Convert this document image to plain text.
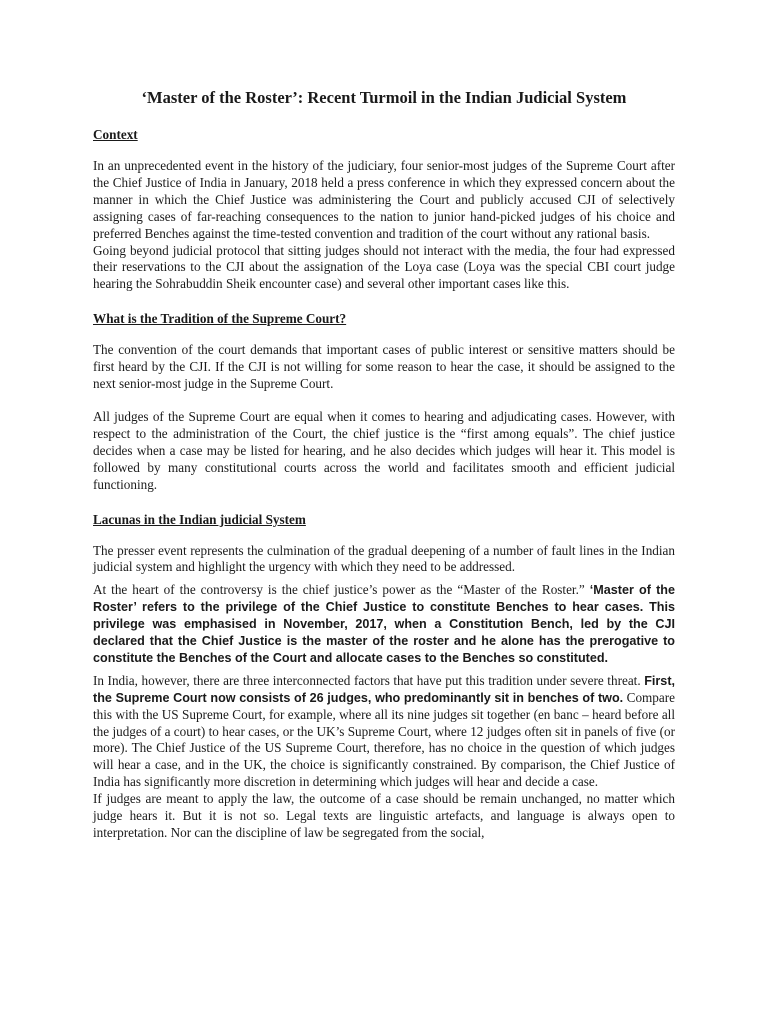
‘Master of the Roster’: Recent Turmoil in the Indian Judicial System
Context

In an unprecedented event in the history of the judiciary, four senior-most judges of the Supreme Court after the Chief Justice of India in January, 2018 held a press conference in which they expressed concern about the manner in which the Chief Justice was administering the Court and publicly accused CJI of selectively assigning cases of far-reaching consequences to the nation to junior hand-picked judges of his choice and preferred Benches against the time-tested convention and tradition of the court without any rational basis.

Going beyond judicial protocol that sitting judges should not interact with the media, the four had expressed their reservations to the CJI about the assignation of the Loya case (Loya was the special CBI court judge hearing the Sohrabuddin Sheik encounter case) and several other important cases like this.

What is the Tradition of the Supreme Court?

The convention of the court demands that important cases of public interest or sensitive matters should be first heard by the CJI. If the CJI is not willing for some reason to hear the case, it should be assigned to the next senior-most judge in the Supreme Court.

All judges of the Supreme Court are equal when it comes to hearing and adjudicating cases. However, with respect to the administration of the Court, the chief justice is the “first among equals”. The chief justice decides when a case may be listed for hearing, and he also decides which judges will hear it. This model is followed by many constitutional courts across the world and facilitates smooth and efficient judicial functioning.

Lacunas in the Indian judicial System

The presser event represents the culmination of the gradual deepening of a number of fault lines in the Indian judicial system and highlight the urgency with which they need to be addressed.

At the heart of the controversy is the chief justice’s power as the “Master of the Roster.” ‘Master of the Roster’ refers to the privilege of the Chief Justice to constitute Benches to hear cases. This privilege was emphasised in November, 2017, when a Constitution Bench, led by the CJI declared that the Chief Justice is the master of the roster and he alone has the prerogative to constitute the Benches of the Court and allocate cases to the Benches so constituted.

In India, however, there are three interconnected factors that have put this tradition under severe threat. First, the Supreme Court now consists of 26 judges, who predominantly sit in benches of two. Compare this with the US Supreme Court, for example, where all its nine judges sit together (en banc – heard before all the judges of a court) to hear cases, or the UK’s Supreme Court, where 12 judges often sit in panels of five (or more). The Chief Justice of the US Supreme Court, therefore, has no choice in the question of which judges will hear a case, and in the UK, the choice is significantly constrained. By comparison, the Chief Justice of India has significantly more discretion in determining which judges will hear and decide a case.

If judges are meant to apply the law, the outcome of a case should be remain unchanged, no matter which judge hears it. But it is not so. Legal texts are linguistic artefacts, and language is always open to interpretation. Nor can the discipline of law be segregated from the social,
